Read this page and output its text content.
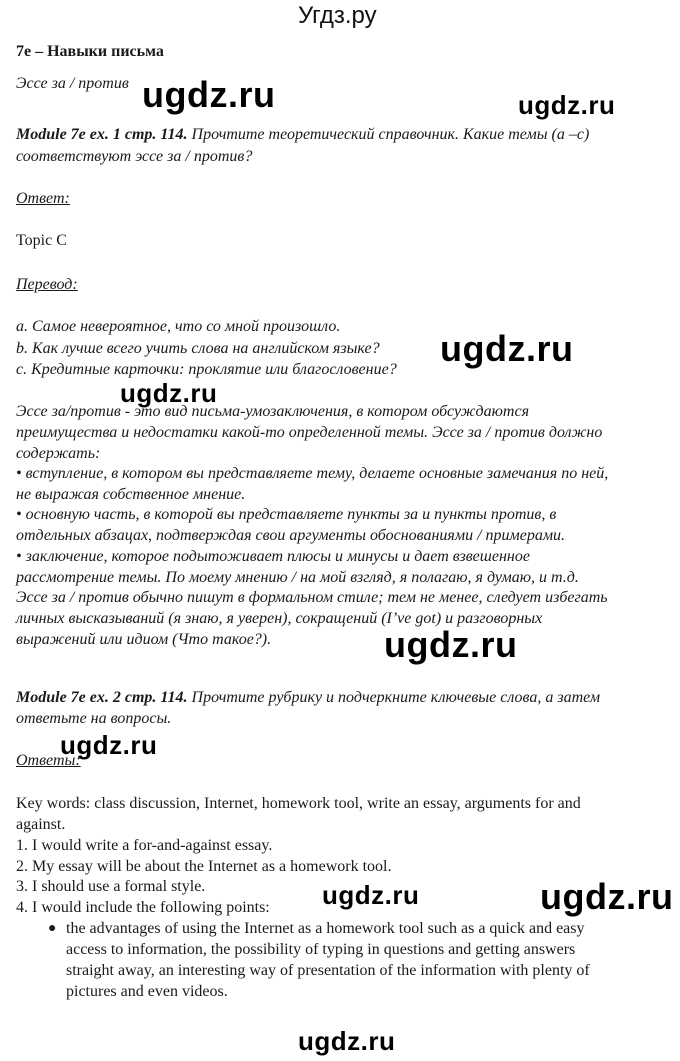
Угдз.ру
7e – Навыки письма
Эссе за / против
Module 7e ex. 1 стр. 114. Прочтите теоретический справочник. Какие темы (a –c)
соответствуют эссе за / против?
Ответ:
Topic C
Перевод:
a. Самое невероятное, что со мной произошло.
b. Как лучше всего учить слова на английском языке?
c. Кредитные карточки: проклятие или благословение?
Эссе за/против - это вид письма-умозаключения, в котором обсуждаются
преимущества и недостатки какой-то определенной темы. Эссе за / против должно
содержать:
• вступление, в котором вы представляете тему, делаете основные замечания по ней,
не выражая собственное мнение.
• основную часть, в которой вы представляете пункты за и пункты против, в
отдельных абзацах, подтверждая свои аргументы обоснованиями / примерами.
• заключение, которое подытоживает плюсы и минусы и дает взвешенное
рассмотрение темы. По моему мнению / на мой взгляд, я полагаю, я думаю, и т.д.
Эссе за / против обычно пишут в формальном стиле; тем не менее, следует избегать
личных высказываний (я знаю, я уверен), сокращений (I’ve got) и разговорных
выражений или идиом (Что такое?).
Module 7e ex. 2 стр. 114. Прочтите рубрику и подчеркните ключевые слова, а затем
ответьте на вопросы.
Ответы:
Key words: class discussion, Internet, homework tool, write an essay, arguments for and
against.
1. I would write a for-and-against essay.
2. My essay will be about the Internet as a homework tool.
3. I should use a formal style.
4. I would include the following points:
● the advantages of using the Internet as a homework tool such as a quick and easy
access to information, the possibility of typing in questions and getting answers
straight away, an interesting way of presentation of the information with plenty of
pictures and even videos.
ugdz.ru	ugdz.ru
ugdz.ru
ugdz.ru
ugdz.ru
ugdz.ru
ugdz.ru	ugdz.ru
ugdz.ru
